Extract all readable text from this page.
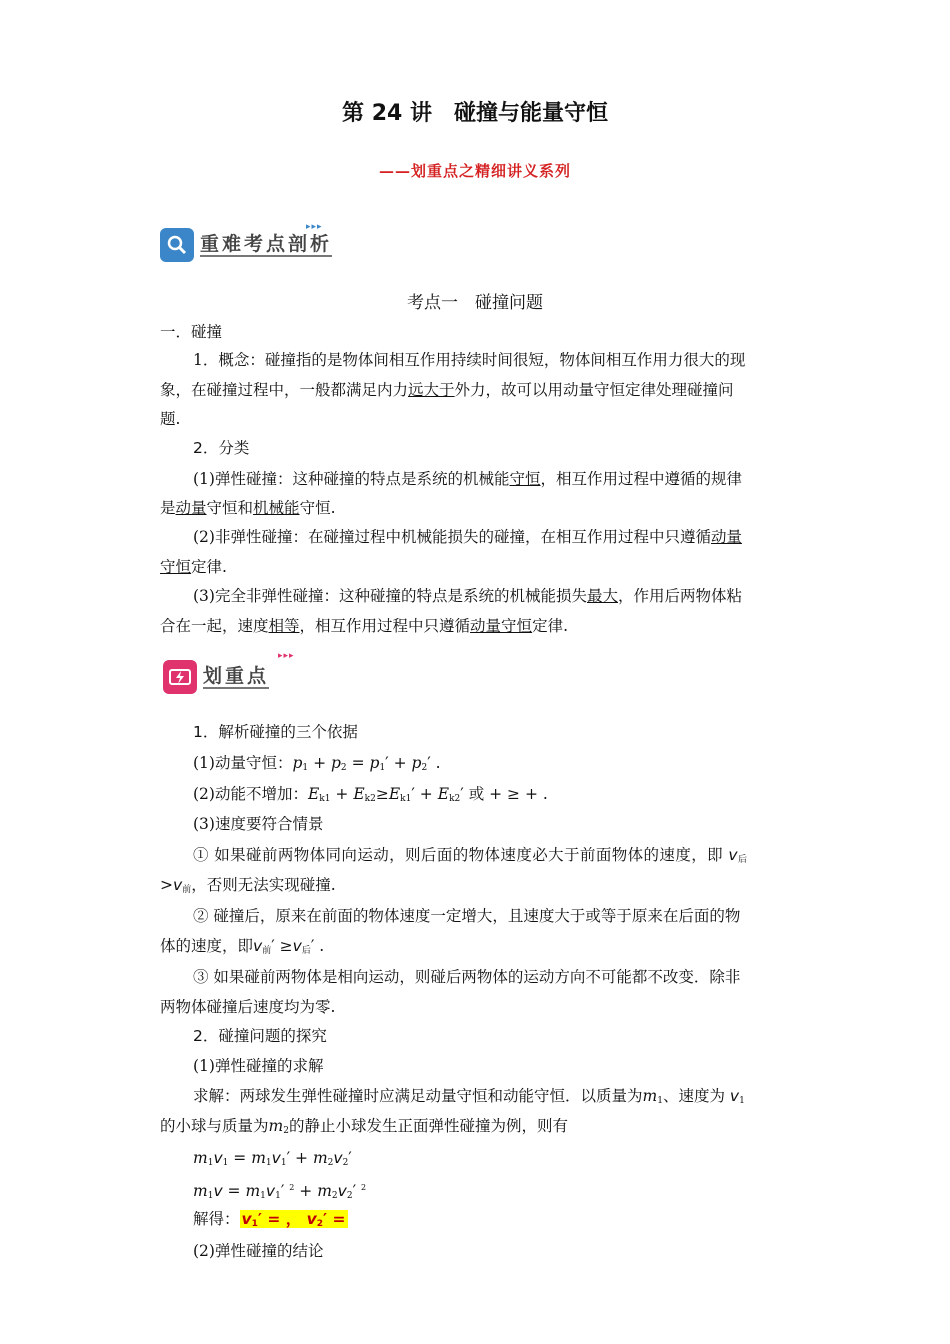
第 24 讲　碰撞与能量守恒
——划重点之精细讲义系列
重难考点剖析
▸▸▸
考点一　碰撞问题
一．碰撞
1．概念：碰撞指的是物体间相互作用持续时间很短，物体间相互作用力很大的现
象，在碰撞过程中，一般都满足内力远大于外力，故可以用动量守恒定律处理碰撞问
题.
2．分类
(1)弹性碰撞：这种碰撞的特点是系统的机械能守恒，相互作用过程中遵循的规律
是动量守恒和机械能守恒.
(2)非弹性碰撞：在碰撞过程中机械能损失的碰撞，在相互作用过程中只遵循动量
守恒定律.
(3)完全非弹性碰撞：这种碰撞的特点是系统的机械能损失最大，作用后两物体粘
合在一起，速度相等，相互作用过程中只遵循动量守恒定律.
划重点
▸▸▸
1．解析碰撞的三个依据
(1)动量守恒：$p_1 + p_2 = p_1' + p_2'$ .
(2)动能不增加：$E_{k1} + E_{k2}\ge E_{k1}' + E_{k2}'$ 或 + ≥ + .
(3)速度要符合情景
① 如果碰前两物体同向运动，则后面的物体速度必大于前面物体的速度，即 $v_后$
$>v_前$，否则无法实现碰撞.
② 碰撞后，原来在前面的物体速度一定增大，且速度大于或等于原来在后面的物
体的速度，即$v_前' \ge v_后'$ .
③ 如果碰前两物体是相向运动，则碰后两物体的运动方向不可能都不改变．除非
两物体碰撞后速度均为零.
2．碰撞问题的探究
(1)弹性碰撞的求解
求解：两球发生弹性碰撞时应满足动量守恒和动能守恒．以质量为$m_1$、速度为 $v_1$
的小球与质量为$m_2$的静止小球发生正面弹性碰撞为例，则有
$m_1v_1 = m_1v_1' + m_2v_2'$
$m_1v = m_1v_1'$ $^2 + m_2v_2'$ $^2$
解得： $v_1'$ = ， $v_2'$ =
(2)弹性碰撞的结论
